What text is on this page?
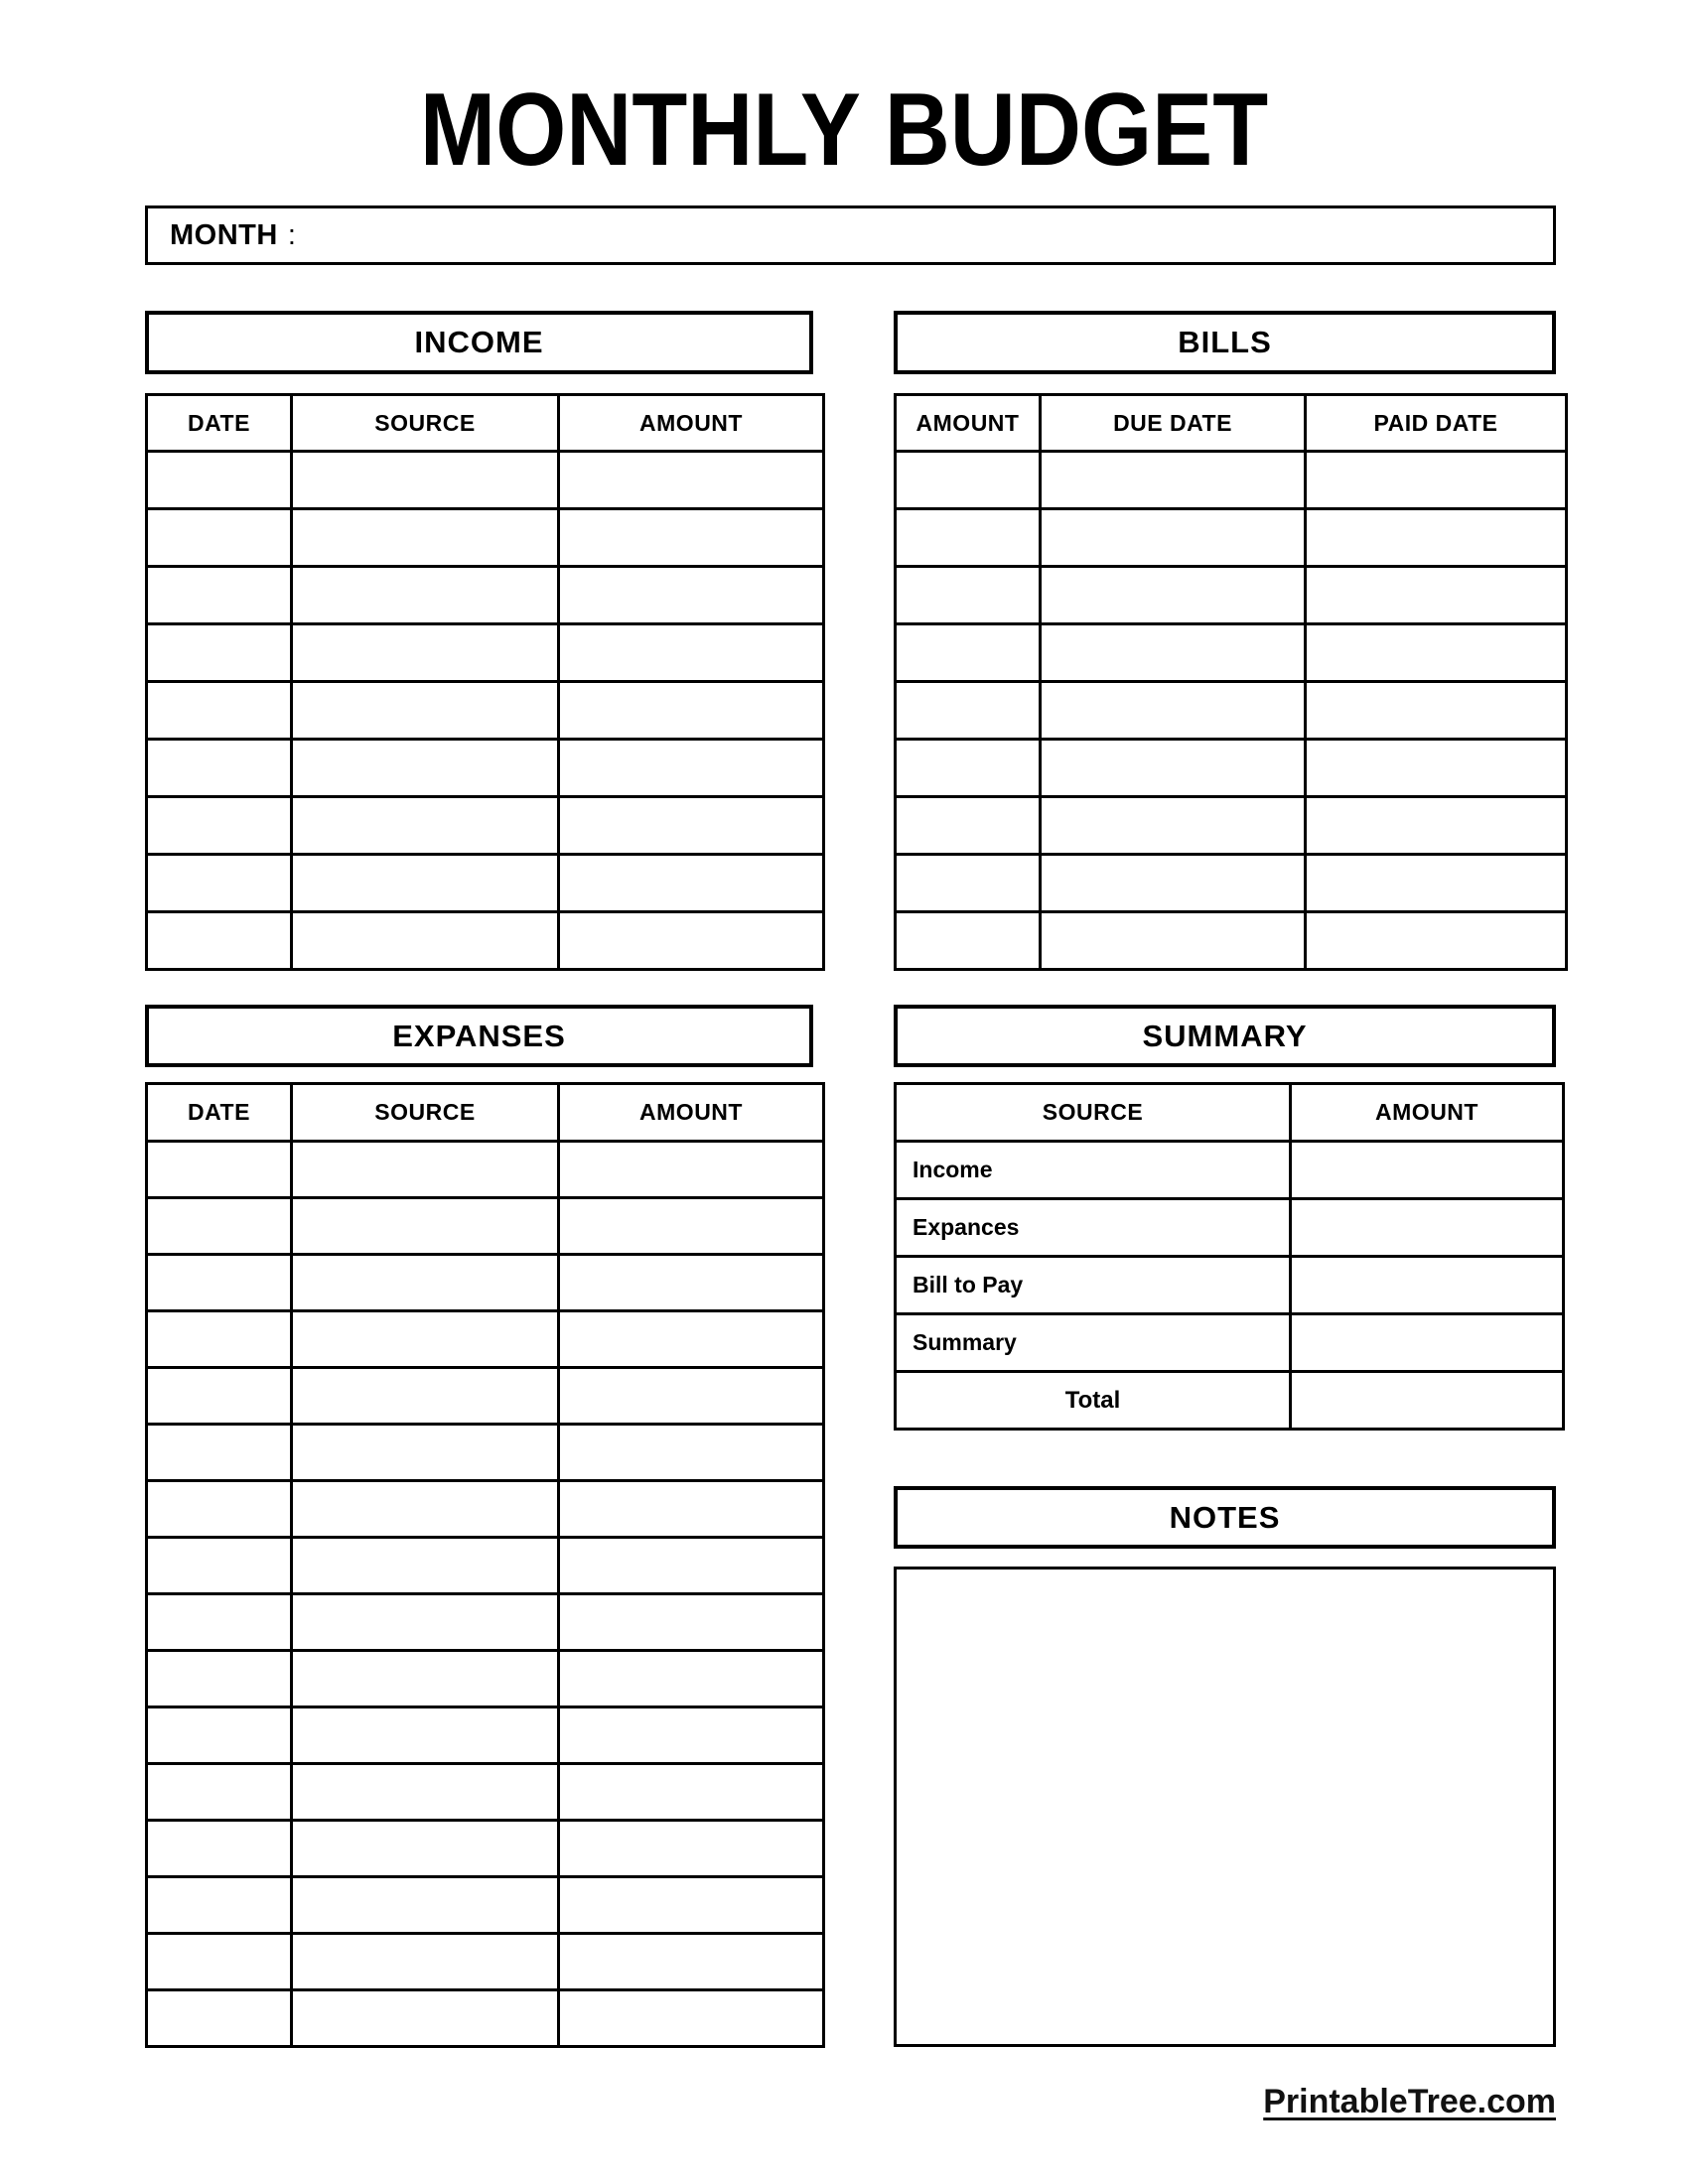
MONTHLY BUDGET
MONTH :
INCOME	BILLS
DATE	SOURCE	AMOUNT

			AMOUNT	DUE DATE	PAID DATE

EXPANSES	SUMMARY
DATE	SOURCE	AMOUNT

			SOURCE	AMOUNT
Income	
Expances	
Bill to Pay	
Summary	
Total	
NOTES
PrintableTree.com
